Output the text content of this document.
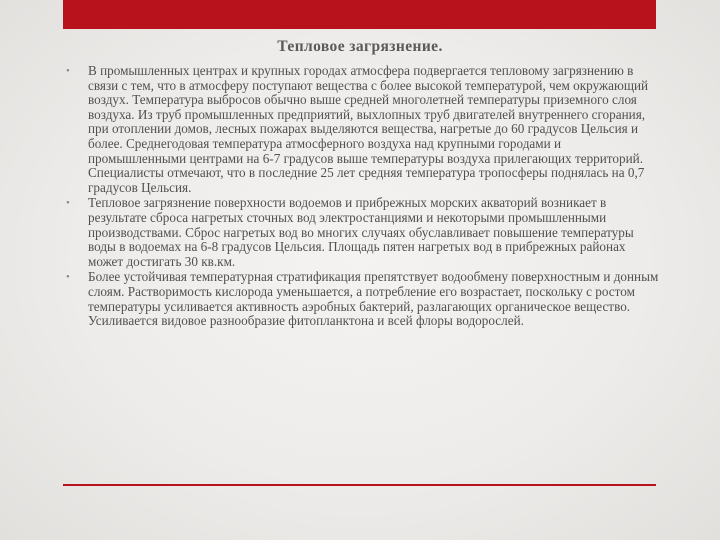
Тепловое загрязнение.
• В промышленных центрах и крупных городах атмосфера подвергается тепловому загрязнению в связи с тем, что в атмосферу поступают вещества с более высокой температурой, чем окружающий воздух. Температура выбросов обычно выше средней многолетней температуры приземного слоя воздуха. Из труб промышленных предприятий, выхлопных труб двигателей внутреннего сгорания, при отоплении домов, лесных пожарах выделяются вещества, нагретые до 60 градусов Цельсия и более. Среднегодовая температура атмосферного воздуха над крупными городами и промышленными центрами на 6-7 градусов выше температуры воздуха прилегающих территорий. Специалисты отмечают, что в последние 25 лет средняя температура тропосферы поднялась на 0,7 градусов Цельсия.
• Тепловое загрязнение поверхности водоемов и прибрежных морских акваторий возникает в результате сброса нагретых сточных вод электростанциями и некоторыми промышленными производствами. Сброс нагретых вод во многих случаях обуславливает повышение температуры воды в водоемах на 6-8 градусов Цельсия. Площадь пятен нагретых вод в прибрежных районах может достигать 30 кв.км.
• Более устойчивая температурная стратификация препятствует водообмену поверхностным и донным слоям. Растворимость кислорода уменьшается, а потребление его возрастает, поскольку с ростом температуры усиливается активность аэробных бактерий, разлагающих органическое вещество. Усиливается видовое разнообразие фитопланктона и всей флоры водорослей.
